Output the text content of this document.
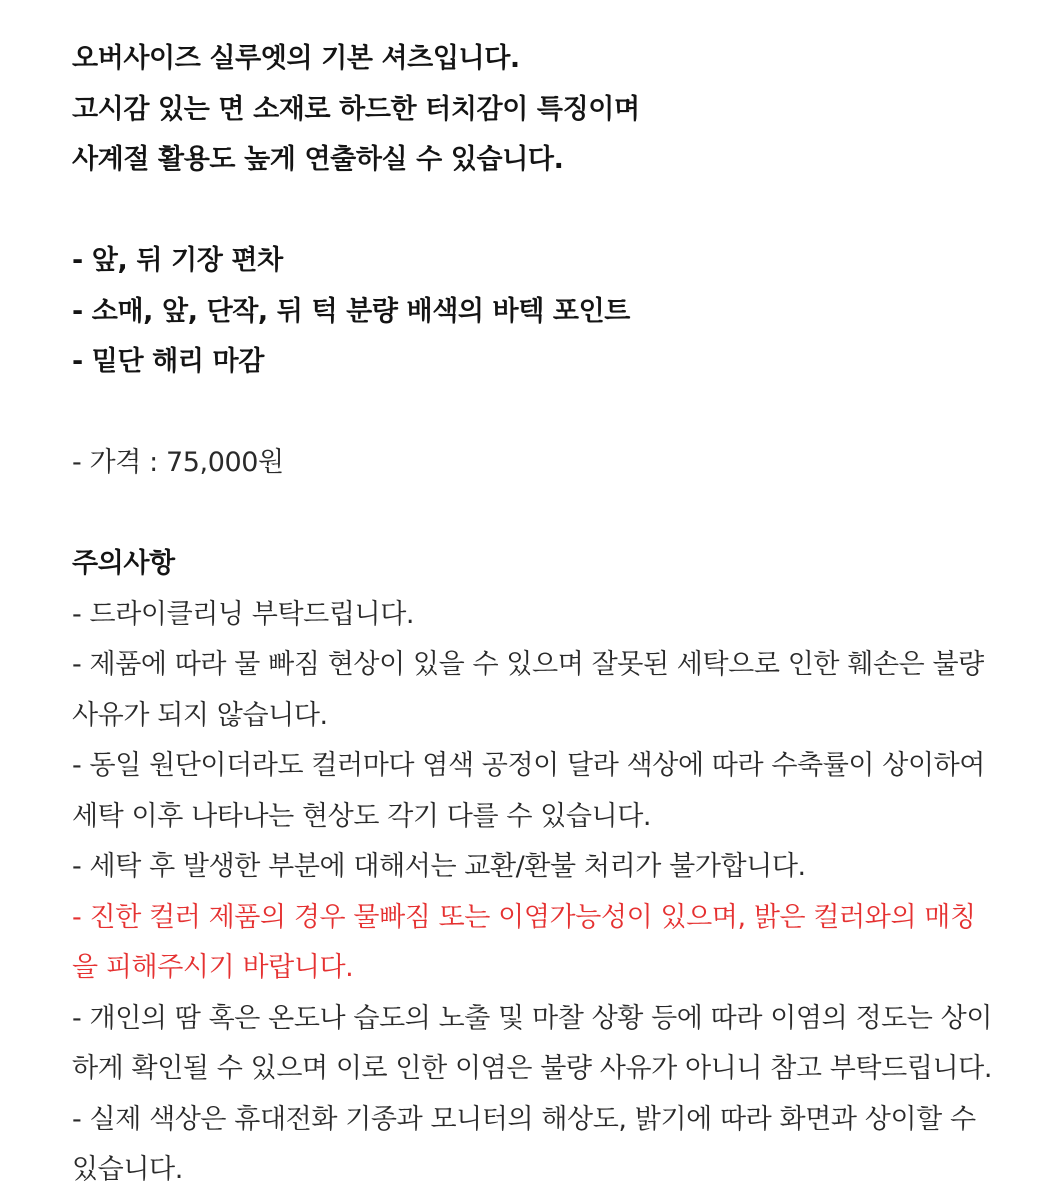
오버사이즈 실루엣의 기본 셔츠입니다.
고시감 있는 면 소재로 하드한 터치감이 특징이며
사계절 활용도 높게 연출하실 수 있습니다.
- 앞, 뒤 기장 편차
- 소매, 앞, 단작, 뒤 턱 분량 배색의 바텍 포인트
- 밑단 해리 마감
- 가격 : 75,000원
주의사항
- 드라이클리닝 부탁드립니다.
- 제품에 따라 물 빠짐 현상이 있을 수 있으며 잘못된 세탁으로 인한 훼손은 불량
사유가 되지 않습니다.
- 동일 원단이더라도 컬러마다 염색 공정이 달라 색상에 따라 수축률이 상이하여
세탁 이후 나타나는 현상도 각기 다를 수 있습니다.
- 세탁 후 발생한 부분에 대해서는 교환/환불 처리가 불가합니다.
- 진한 컬러 제품의 경우 물빠짐 또는 이염가능성이 있으며, 밝은 컬러와의 매칭
을 피해주시기 바랍니다.
- 개인의 땀 혹은 온도나 습도의 노출 및 마찰 상황 등에 따라 이염의 정도는 상이
하게 확인될 수 있으며 이로 인한 이염은 불량 사유가 아니니 참고 부탁드립니다.
- 실제 색상은 휴대전화 기종과 모니터의 해상도, 밝기에 따라 화면과 상이할 수
있습니다.
